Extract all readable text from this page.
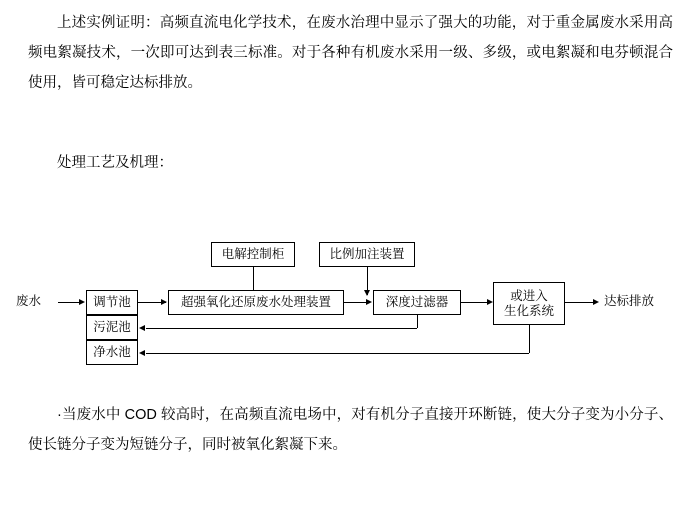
上述实例证明：高频直流电化学技术，在废水治理中显示了强大的功能，对于重金属废水采用高频电絮凝技术，一次即可达到表三标准。对于各种有机废水采用一级、多级，或电絮凝和电芬顿混合使用，皆可稳定达标排放。
处理工艺及机理：
电解控制柜	比例加注装置
废水	调节池
污泥池
净水池
超强氧化还原废水处理装置	深度过滤器	或进入
生化系统
达标排放
·当废水中 COD 较高时，在高频直流电场中，对有机分子直接开环断链，使大分子变为小分子、使长链分子变为短链分子，同时被氧化絮凝下来。
